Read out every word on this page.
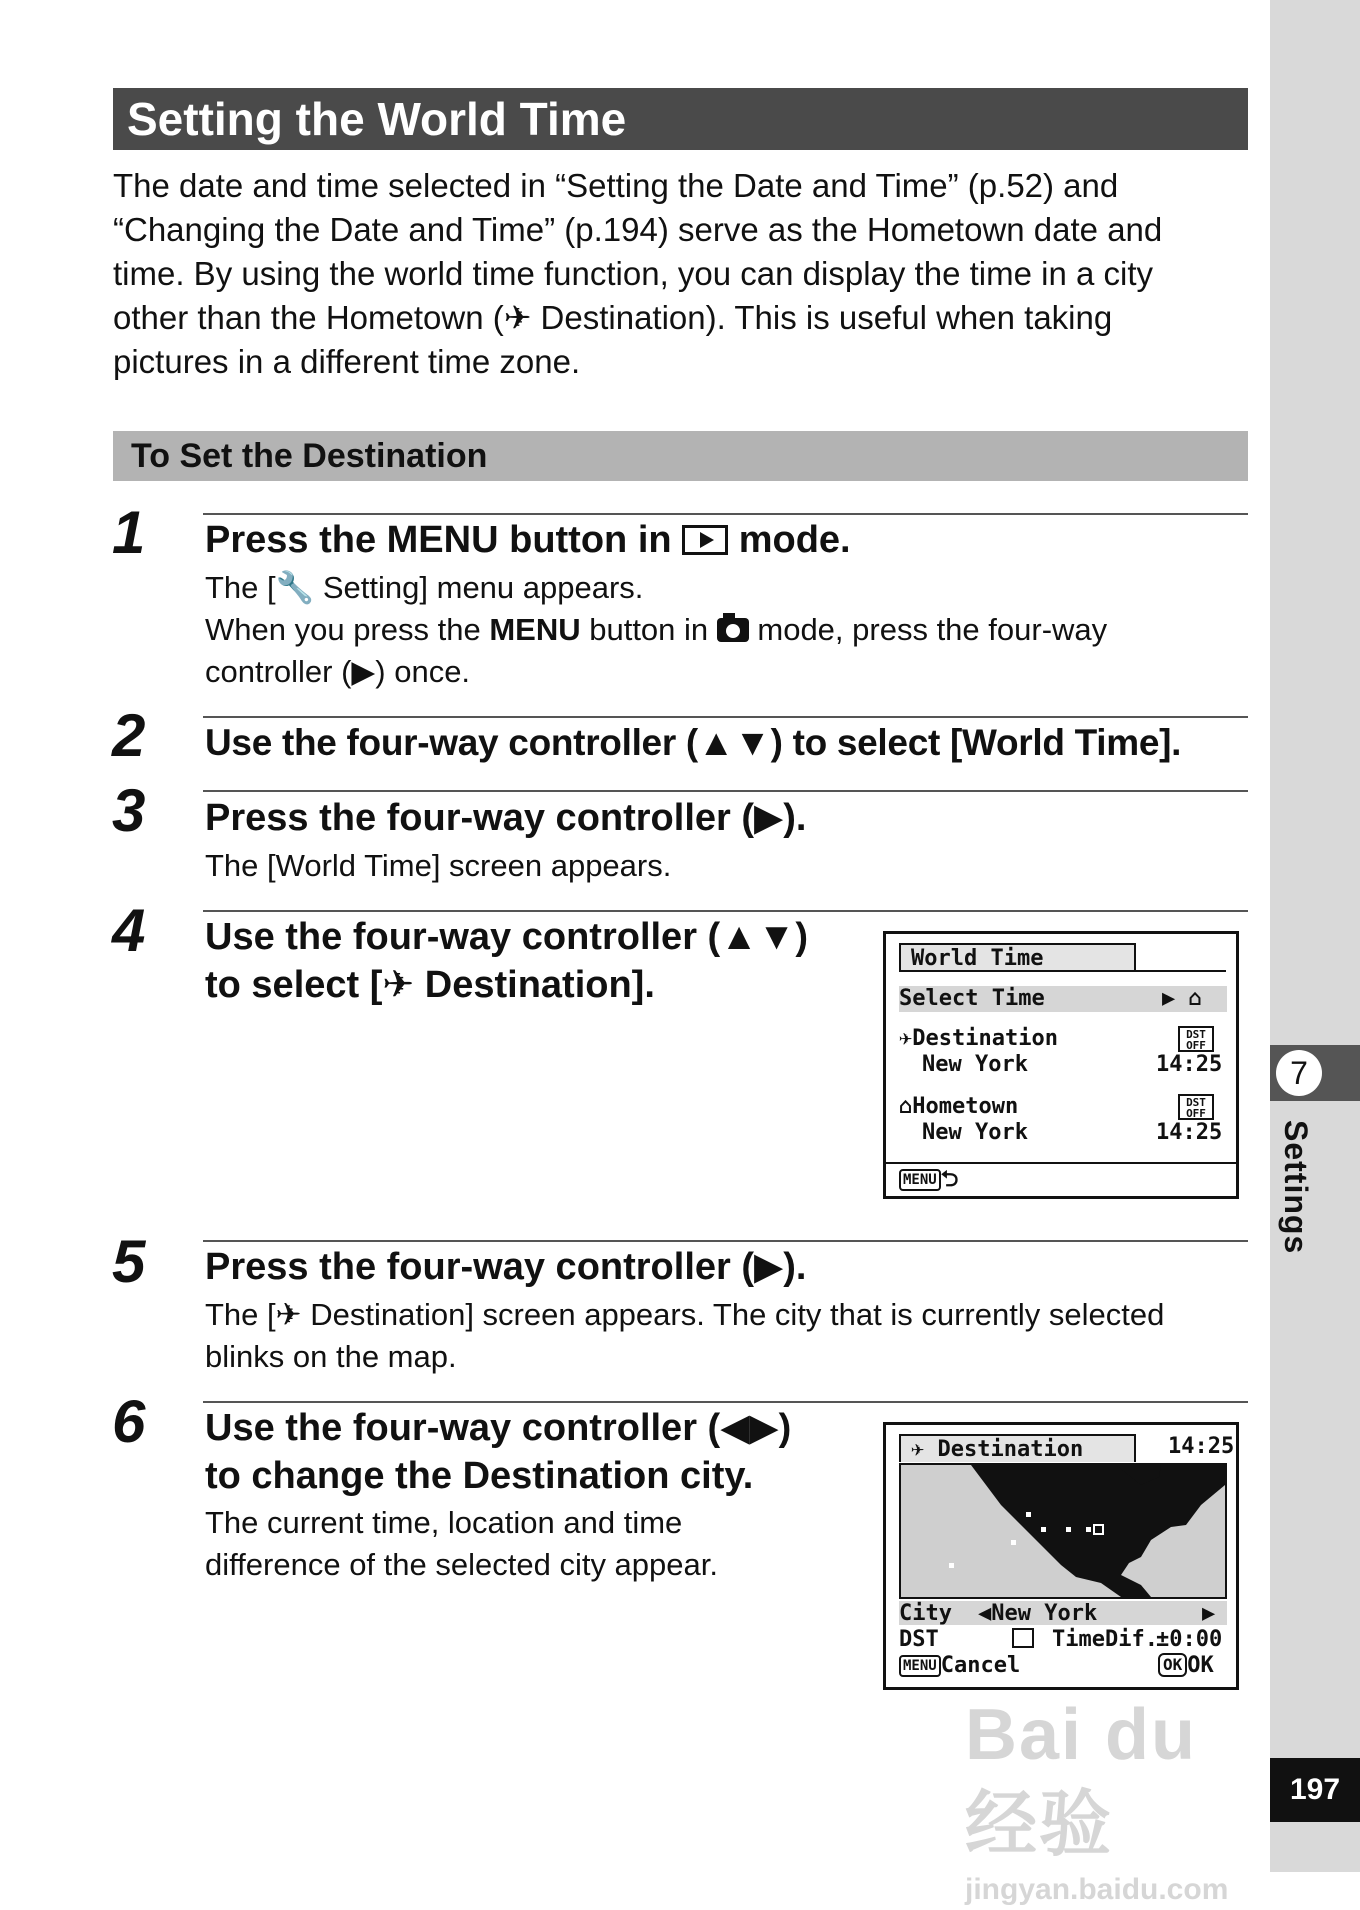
7
Settings
197
Bai du 经验
jingyan.baidu.com
Setting the World Time
The date and time selected in “Setting the Date and Time” (p.52) and
“Changing the Date and Time” (p.194) serve as the Hometown date and
time. By using the world time function, you can display the time in a city
other than the Hometown (✈ Destination). This is useful when taking
pictures in a different time zone.
To Set the Destination
1 Press the MENU button in  mode.

The [🔧 Setting] menu appears.
When you press the MENU button in  mode, press the four-way
controller (▶) once.

2 Use the four-way controller (▲▼) to select [World Time].

3 Press the four-way controller (▶).

The [World Time] screen appears.

4 Use the four-way controller (▲▼)
to select [✈ Destination].

World Time
Select Time	▶ ⌂
✈Destination	DST
OFF
New York	14:25
⌂Hometown	DST
OFF
New York	14:25
MENU ⮌
5 Press the four-way controller (▶).

The [✈ Destination] screen appears. The city that is currently selected
blinks on the map.

6 Use the four-way controller (◀▶)
to change the Destination city.

The current time, location and time
difference of the selected city appear.

✈ Destination	14:25
City ◀New York	▶
DST	TimeDif.
±0:00
MENU Cancel	OK OK
